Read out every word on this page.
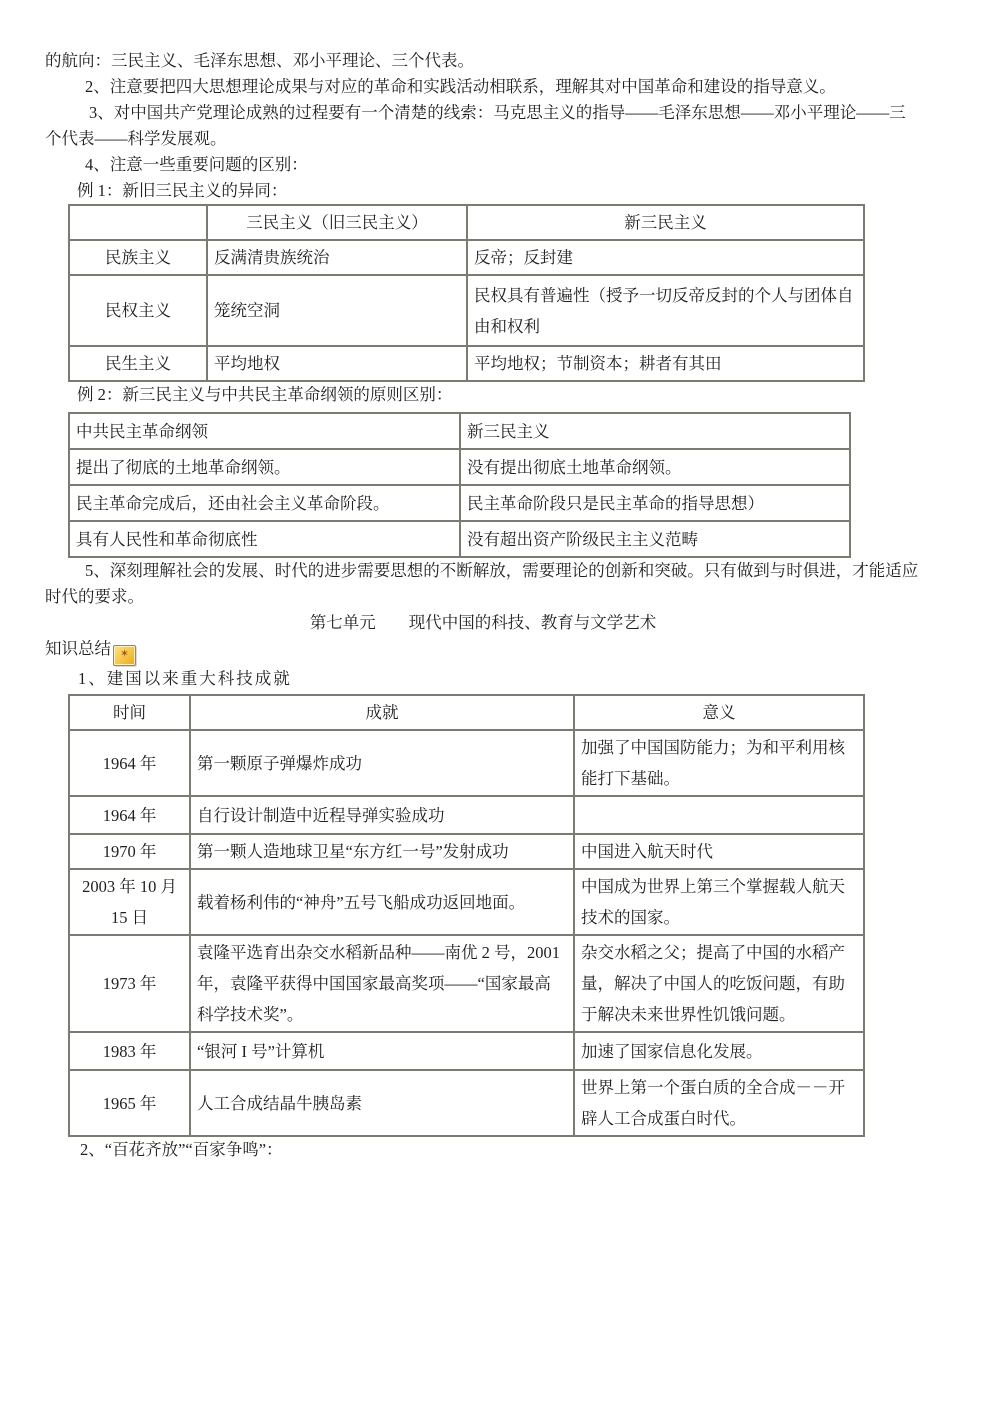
的航向：三民主义、毛泽东思想、邓小平理论、三个代表。

2、注意要把四大思想理论成果与对应的革命和实践活动相联系，理解其对中国革命和建设的指导意义。

3、对中国共产党理论成熟的过程要有一个清楚的线索：马克思主义的指导——毛泽东思想——邓小平理论——三个代表——科学发展观。

4、注意一些重要问题的区别：

例 1：新旧三民主义的异同：

	三民主义（旧三民主义）	新三民主义
民族主义	反满清贵族统治	反帝；反封建
民权主义	笼统空洞	民权具有普遍性（授予一切反帝反封的个人与团体自由和权利
民生主义	平均地权	平均地权；节制资本；耕者有其田

例 2：新三民主义与中共民主革命纲领的原则区别：

中共民主革命纲领	新三民主义
提出了彻底的土地革命纲领。	没有提出彻底土地革命纲领。
民主革命完成后，还由社会主义革命阶段。	民主革命阶段只是民主革命的指导思想）
具有人民性和革命彻底性	没有超出资产阶级民主主义范畴

5、深刻理解社会的发展、时代的进步需要思想的不断解放，需要理论的创新和突破。只有做到与时俱进，才能适应时代的要求。

第七单元　　现代中国的科技、教育与文学艺术

知识总结 ✶

1、建国以来重大科技成就

时间	成就	意义
1964 年	第一颗原子弹爆炸成功	加强了中国国防能力；为和平利用核能打下基础。
1964 年	自行设计制造中近程导弹实验成功	
1970 年	第一颗人造地球卫星“东方红一号”发射成功	中国进入航天时代
2003 年 10 月 15 日	载着杨利伟的“神舟”五号飞船成功返回地面。	中国成为世界上第三个掌握载人航天技术的国家。
1973 年	袁隆平选育出杂交水稻新品种——南优 2 号，2001 年，袁隆平获得中国国家最高奖项——“国家最高科学技术奖”。	杂交水稻之父；提高了中国的水稻产量，解决了中国人的吃饭问题，有助于解决未来世界性饥饿问题。
1983 年	“银河 I 号”计算机	加速了国家信息化发展。
1965 年	人工合成结晶牛胰岛素	世界上第一个蛋白质的全合成－－开辟人工合成蛋白时代。

2、“百花齐放”“百家争鸣”：
